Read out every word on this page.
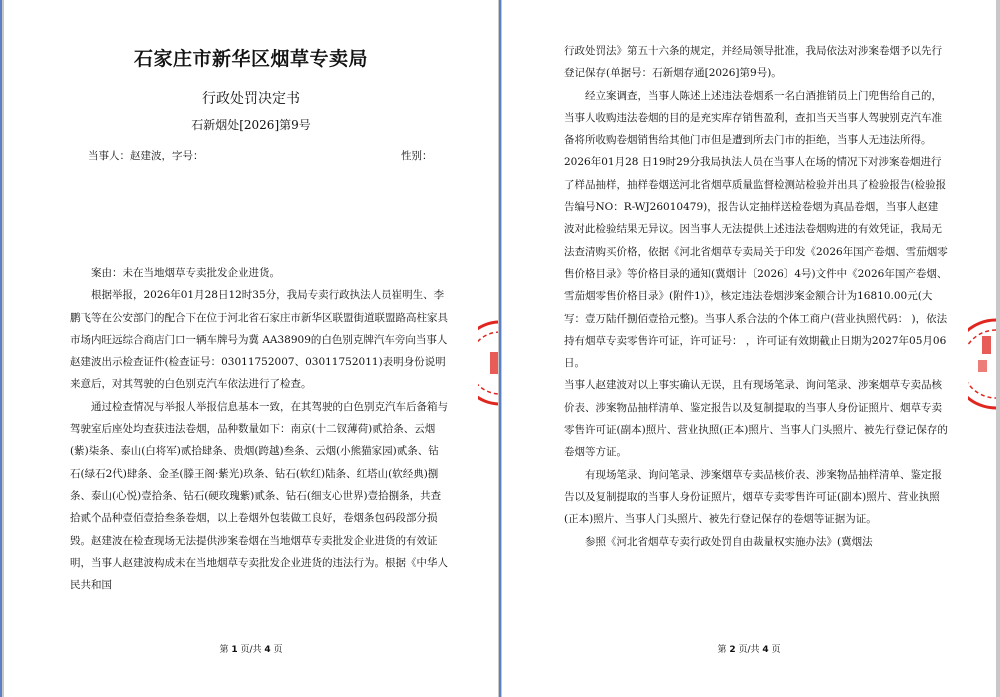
石家庄市新华区烟草专卖局
行政处罚决定书
石新烟处[2026]第9号
当事人：赵建波，字号：	性别：

案由：未在当地烟草专卖批发企业进货。

根据举报，2026年01月28日12时35分，我局专卖行政执法人员崔明生、李鹏飞等在公安部门的配合下在位于河北省石家庄市新华区联盟街道联盟路高柱家具市场内旺远综合商店门口一辆车牌号为冀 AA38909的白色别克牌汽车旁向当事人赵建波出示检查证件(检查证号：03011752007、03011752011)表明身份说明来意后，对其驾驶的白色别克汽车依法进行了检查。

通过检查情况与举报人举报信息基本一致，在其驾驶的白色别克汽车后备箱与驾驶室后座处均查获违法卷烟，品种数量如下：南京(十二钗薄荷)贰拾条、云烟(紫)柒条、泰山(白将军)贰拾肆条、贵烟(跨越)叁条、云烟(小熊猫家园)贰条、钻石(绿石2代)肆条、金圣(滕王阁·紫光)玖条、钻石(软红)陆条、红塔山(软经典)捌条、泰山(心悦)壹拾条、钻石(硬玫瑰紫)贰条、钻石(细支心世界)壹拾捌条，共查拾贰个品种壹佰壹拾叁条卷烟，以上卷烟外包装做工良好，卷烟条包码段部分损毁。赵建波在检查现场无法提供涉案卷烟在当地烟草专卖批发企业进货的有效证明，当事人赵建波构成未在当地烟草专卖批发企业进货的违法行为。根据《中华人民共和国

第 1 页/共 4 页

行政处罚法》第五十六条的规定，并经局领导批准，我局依法对涉案卷烟予以先行登记保存(单据号：石新烟存通[2026]第9号)。

经立案调查，当事人陈述上述违法卷烟系一名白酒推销员上门兜售给自己的，当事人收购违法卷烟的目的是充实库存销售盈利，查扣当天当事人驾驶别克汽车准备将所收购卷烟销售给其他门市但是遭到所去门市的拒绝，当事人无违法所得。2026年01月28 日19时29分我局执法人员在当事人在场的情况下对涉案卷烟进行了样品抽样，抽样卷烟送河北省烟草质量监督检测站检验并出具了检验报告(检验报告编号NO：R-WJ26010479)，报告认定抽样送检卷烟为真品卷烟，当事人赵建波对此检验结果无异议。因当事人无法提供上述违法卷烟购进的有效凭证，我局无法查清购买价格，依据《河北省烟草专卖局关于印发《2026年国产卷烟、雪茄烟零售价格目录》等价格目录的通知(冀烟计〔2026〕4号)文件中《2026年国产卷烟、雪茄烟零售价格目录》(附件1)》，核定违法卷烟涉案金额合计为16810.00元(大写：壹万陆仟捌佰壹拾元整)。当事人系合法的个体工商户(营业执照代码： )，依法持有烟草专卖零售许可证，许可证号： ，许可证有效期截止日期为2027年05月06日。

当事人赵建波对以上事实确认无误，且有现场笔录、询问笔录、涉案烟草专卖品核价表、涉案物品抽样清单、鉴定报告以及复制提取的当事人身份证照片、烟草专卖零售许可证(副本)照片、营业执照(正本)照片、当事人门头照片、被先行登记保存的卷烟等方证。

有现场笔录、询问笔录、涉案烟草专卖品核价表、涉案物品抽样清单、鉴定报告以及复制提取的当事人身份证照片，烟草专卖零售许可证(副本)照片、营业执照(正本)照片、当事人门头照片、被先行登记保存的卷烟等证据为证。

参照《河北省烟草专卖行政处罚自由裁量权实施办法》(冀烟法

第 2 页/共 4 页
